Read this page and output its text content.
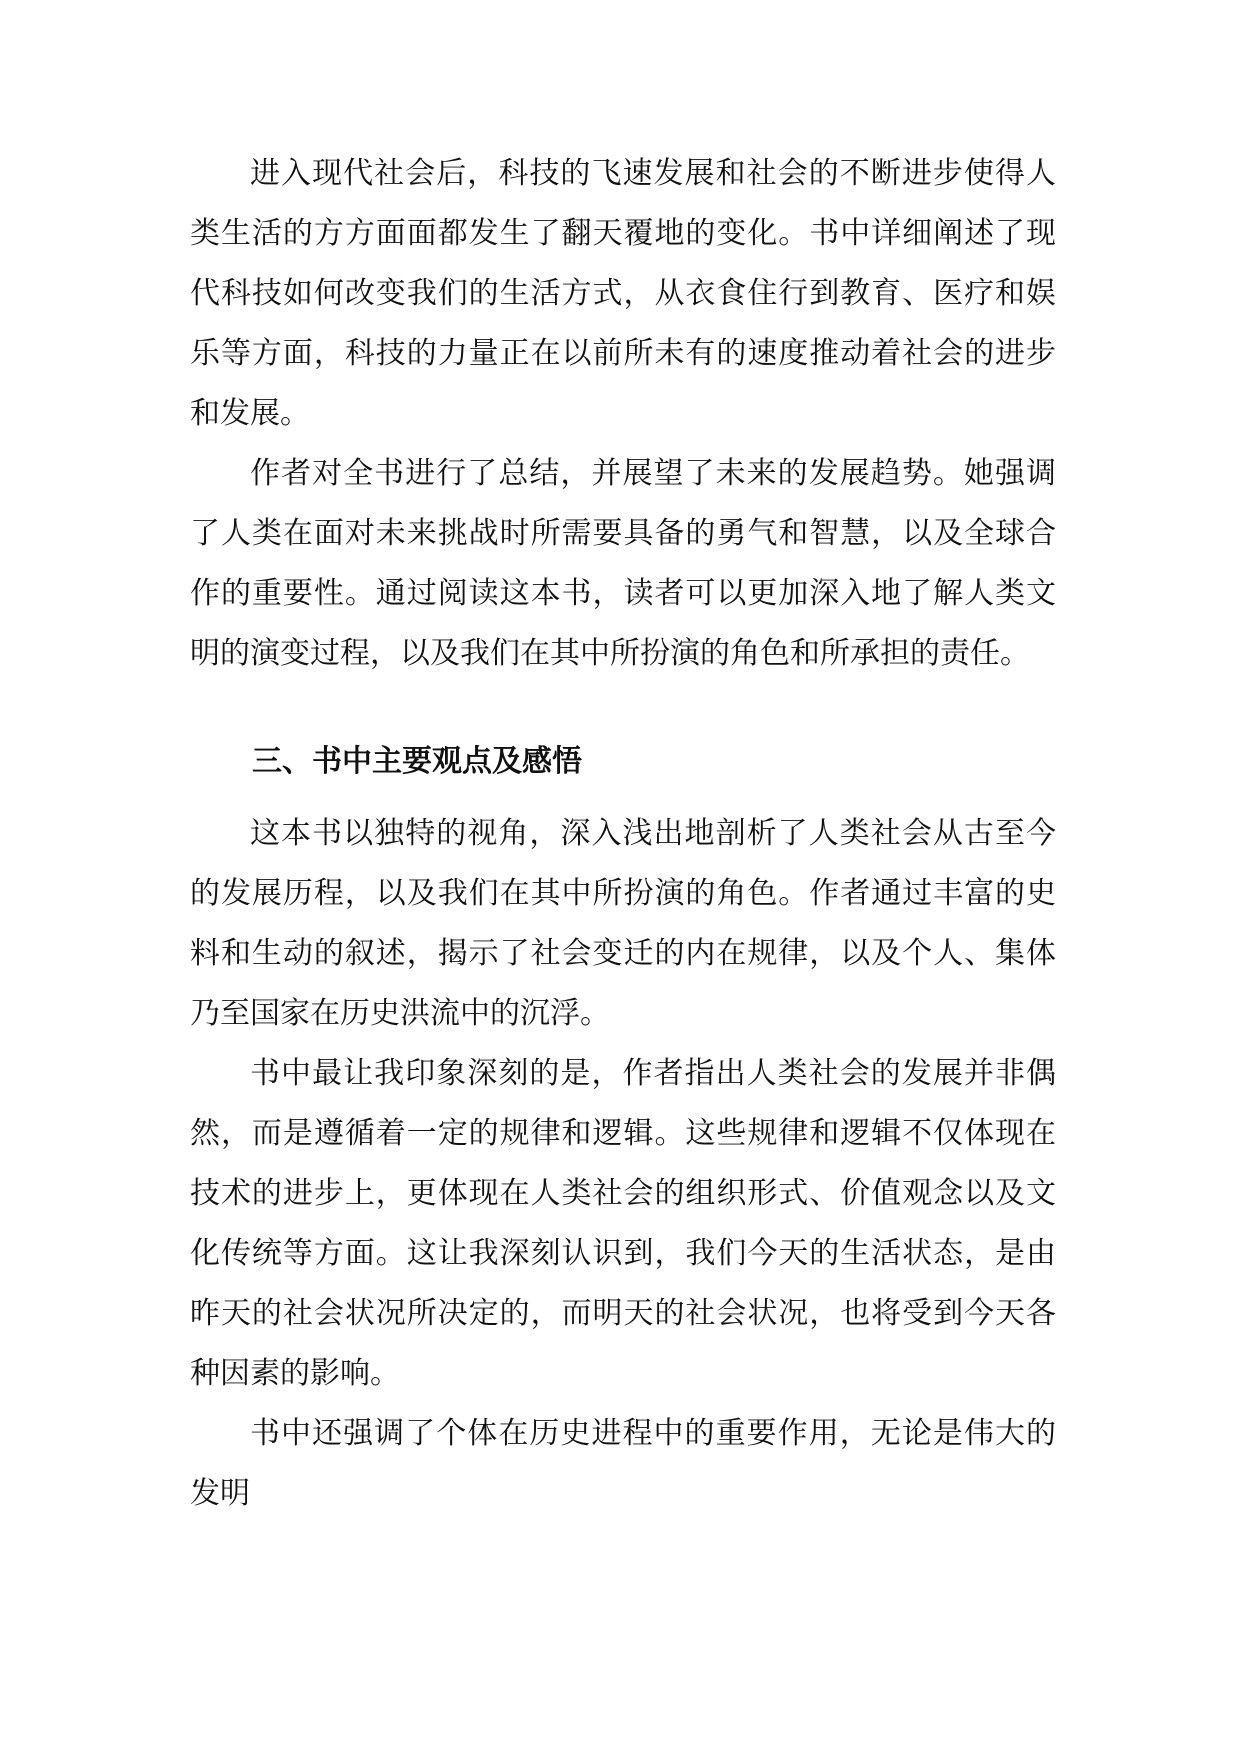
进入现代社会后，科技的飞速发展和社会的不断进步使得人类生活的方方面面都发生了翻天覆地的变化。书中详细阐述了现代科技如何改变我们的生活方式，从衣食住行到教育、医疗和娱乐等方面，科技的力量正在以前所未有的速度推动着社会的进步和发展。

作者对全书进行了总结，并展望了未来的发展趋势。她强调了人类在面对未来挑战时所需要具备的勇气和智慧，以及全球合作的重要性。通过阅读这本书，读者可以更加深入地了解人类文明的演变过程，以及我们在其中所扮演的角色和所承担的责任。

三、书中主要观点及感悟

这本书以独特的视角，深入浅出地剖析了人类社会从古至今的发展历程，以及我们在其中所扮演的角色。作者通过丰富的史料和生动的叙述，揭示了社会变迁的内在规律，以及个人、集体乃至国家在历史洪流中的沉浮。

书中最让我印象深刻的是，作者指出人类社会的发展并非偶然，而是遵循着一定的规律和逻辑。这些规律和逻辑不仅体现在技术的进步上，更体现在人类社会的组织形式、价值观念以及文化传统等方面。这让我深刻认识到，我们今天的生活状态，是由昨天的社会状况所决定的，而明天的社会状况，也将受到今天各种因素的影响。

书中还强调了个体在历史进程中的重要作用，无论是伟大的发明
